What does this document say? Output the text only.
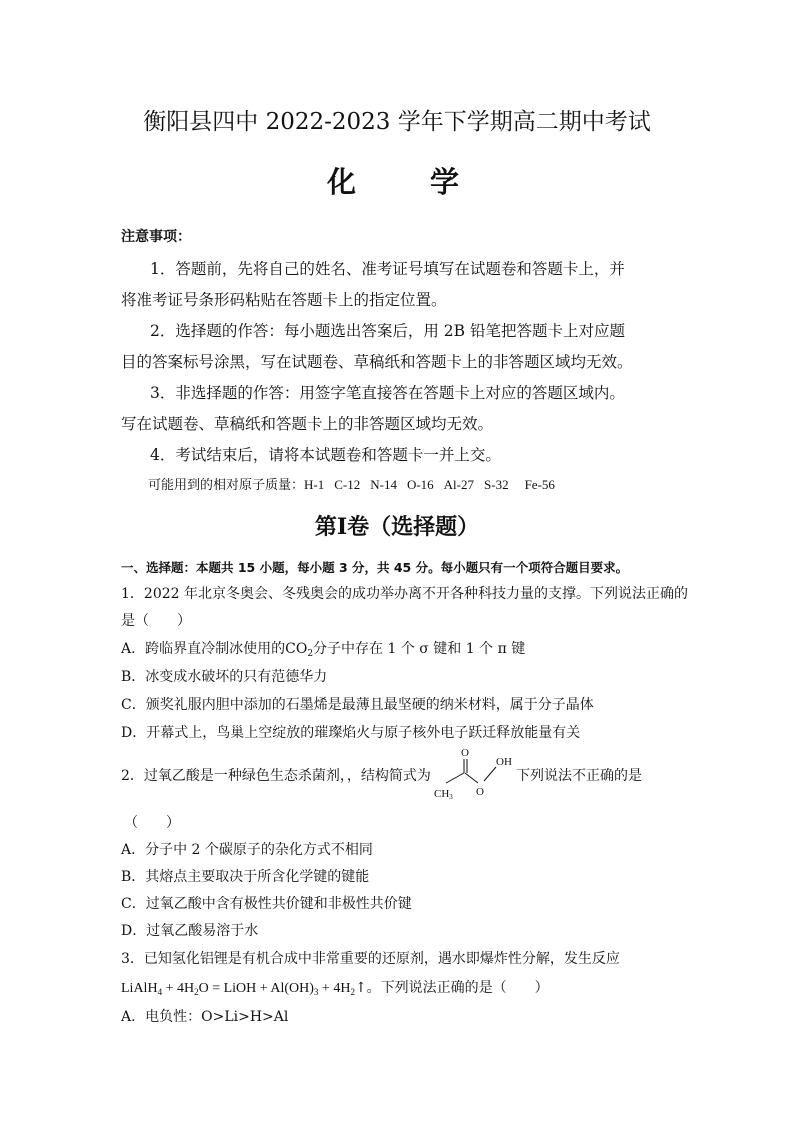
衡阳县四中 2022-2023 学年下学期高二期中考试
化 学
注意事项：
1．答题前，先将自己的姓名、准考证号填写在试题卷和答题卡上，并
将准考证号条形码粘贴在答题卡上的指定位置。
2．选择题的作答：每小题选出答案后，用 2B 铅笔把答题卡上对应题
目的答案标号涂黑，写在试题卷、草稿纸和答题卡上的非答题区域均无效。
3．非选择题的作答：用签字笔直接答在答题卡上对应的答题区域内。
写在试题卷、草稿纸和答题卡上的非答题区域均无效。
4．考试结束后，请将本试题卷和答题卡一并上交。
可能用到的相对原子质量：H-1 C-12 N-14 O-16 Al-27 S-32 Fe-56
第Ⅰ卷（选择题）
一、选择题：本题共 15 小题，每小题 3 分，共 45 分。每小题只有一个项符合题目要求。
1．2022 年北京冬奥会、冬残奥会的成功举办离不开各种科技力量的支撑。下列说法正确的
是（　　）
A．跨临界直冷制冰使用的$CO_2$分子中存在 1 个 σ 键和 1 个 π 键
B．冰变成水破坏的只有范德华力
C．颁奖礼服内胆中添加的石墨烯是最薄且最坚硬的纳米材料，属于分子晶体
D．开幕式上，鸟巢上空绽放的璀璨焰火与原子核外电子跃迁释放能量有关
2．过氧乙酸是一种绿色生态杀菌剂，，结构简式为
O
OH
CH3 O
下列说法不正确的是
（　　）
A．分子中 2 个碳原子的杂化方式不相同
B．其熔点主要取决于所含化学键的键能
C．过氧乙酸中含有极性共价键和非极性共价键
D．过氧乙酸易溶于水
3．已知氢化铝锂是有机合成中非常重要的还原剂，遇水即爆炸性分解，发生反应
LiAlH$_4$ + $4H_2O$ = LiOH + $Al(OH)_3$ + $4H_2↑$。下列说法正确的是（　　）
A．电负性：O>Li>H>Al
